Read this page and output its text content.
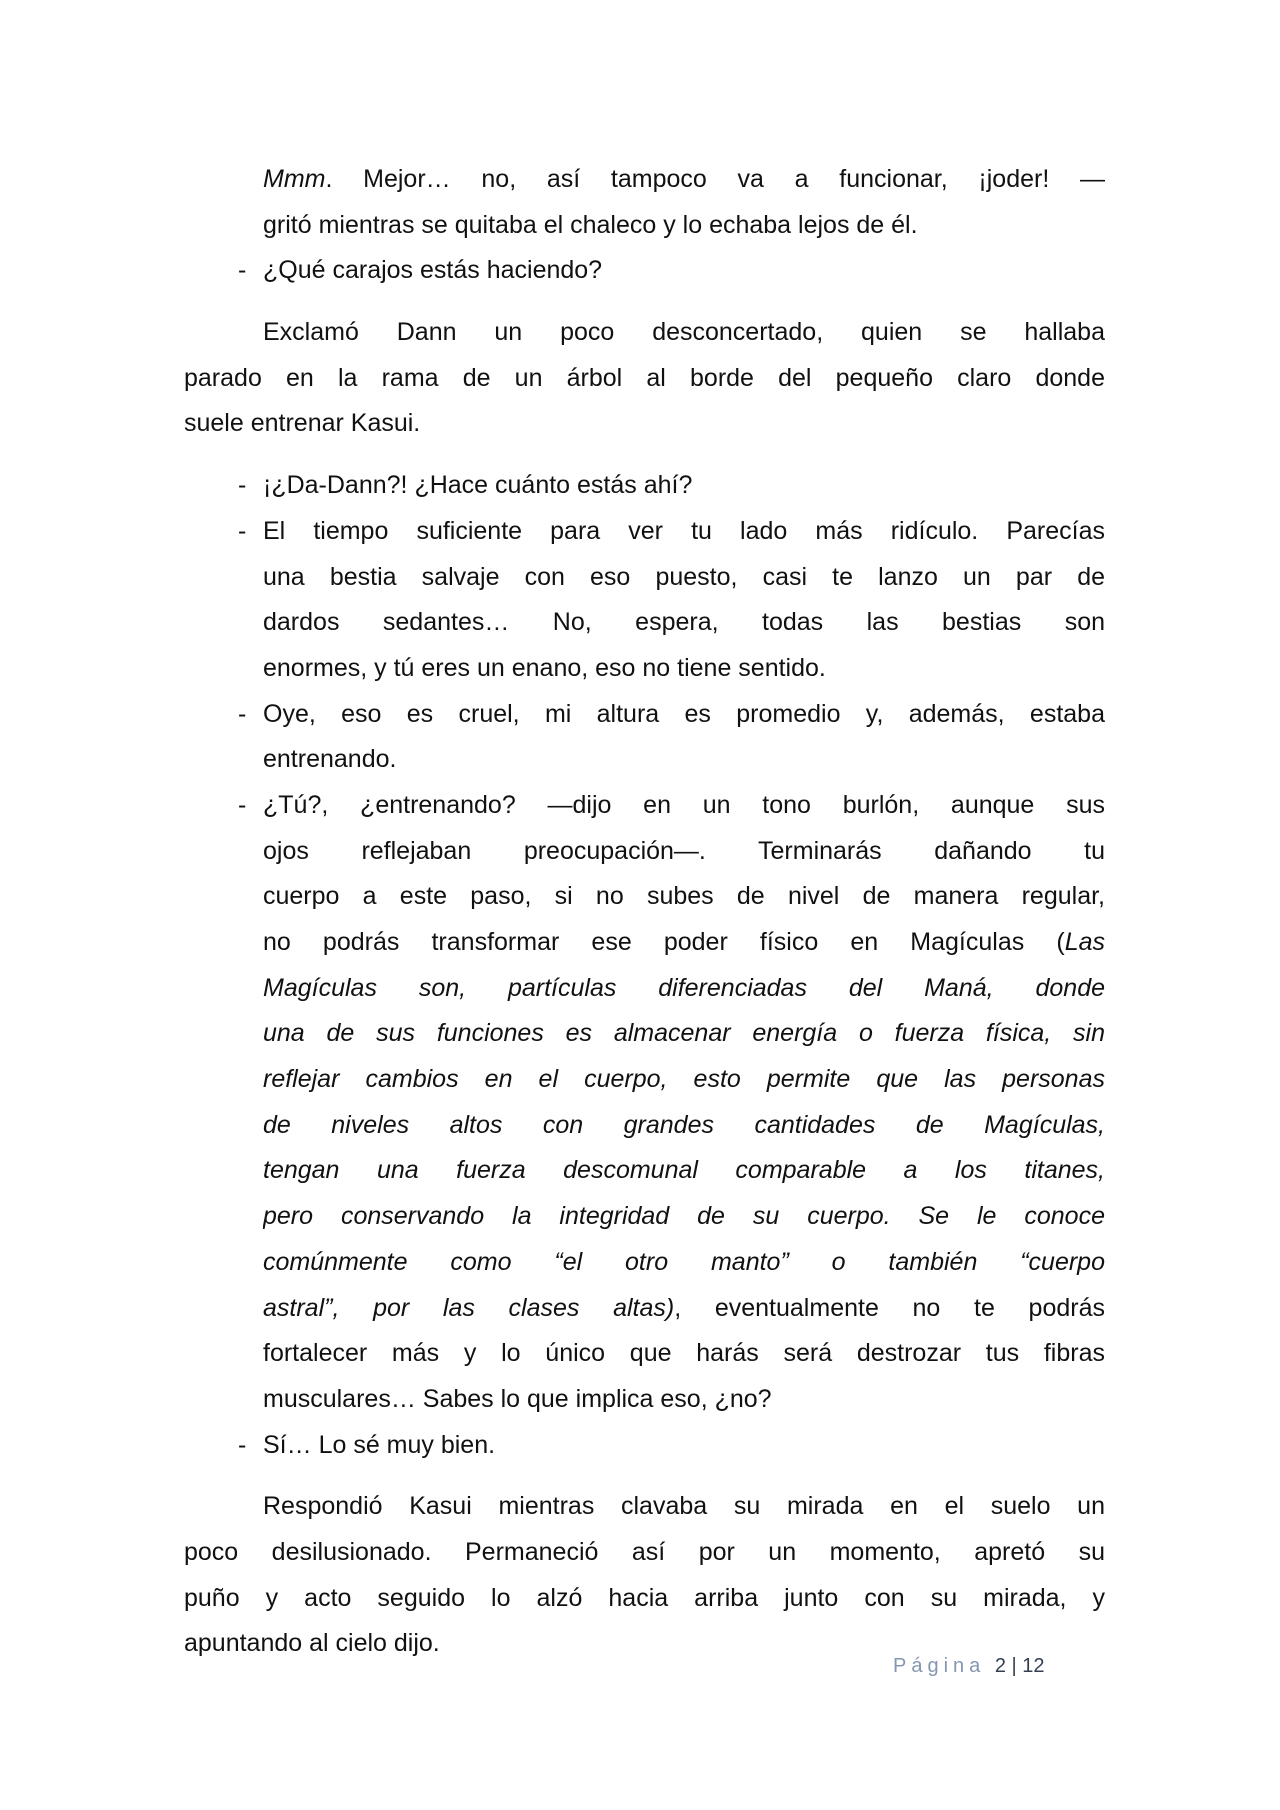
Mmm. Mejor… no, así tampoco va a funcionar, ¡joder! —
gritó mientras se quitaba el chaleco y lo echaba lejos de él.
- ¿Qué carajos estás haciendo?
Exclamó Dann un poco desconcertado, quien se hallaba
parado en la rama de un árbol al borde del pequeño claro donde
suele entrenar Kasui.
- ¡¿Da-Dann?! ¿Hace cuánto estás ahí?
- El tiempo suficiente para ver tu lado más ridículo. Parecías
una bestia salvaje con eso puesto, casi te lanzo un par de
dardos sedantes… No, espera, todas las bestias son
enormes, y tú eres un enano, eso no tiene sentido.
- Oye, eso es cruel, mi altura es promedio y, además, estaba
entrenando.
- ¿Tú?, ¿entrenando? —dijo en un tono burlón, aunque sus
ojos reflejaban preocupación—. Terminarás dañando tu
cuerpo a este paso, si no subes de nivel de manera regular,
no podrás transformar ese poder físico en Magículas (Las
Magículas son, partículas diferenciadas del Maná, donde
una de sus funciones es almacenar energía o fuerza física, sin
reflejar cambios en el cuerpo, esto permite que las personas
de niveles altos con grandes cantidades de Magículas,
tengan una fuerza descomunal comparable a los titanes,
pero conservando la integridad de su cuerpo. Se le conoce
comúnmente como “el otro manto” o también “cuerpo
astral”, por las clases altas), eventualmente no te podrás
fortalecer más y lo único que harás será destrozar tus fibras
musculares… Sabes lo que implica eso, ¿no?
- Sí… Lo sé muy bien.
Respondió Kasui mientras clavaba su mirada en el suelo un
poco desilusionado. Permaneció así por un momento, apretó su
puño y acto seguido lo alzó hacia arriba junto con su mirada, y
apuntando al cielo dijo.
Página 2 | 12
